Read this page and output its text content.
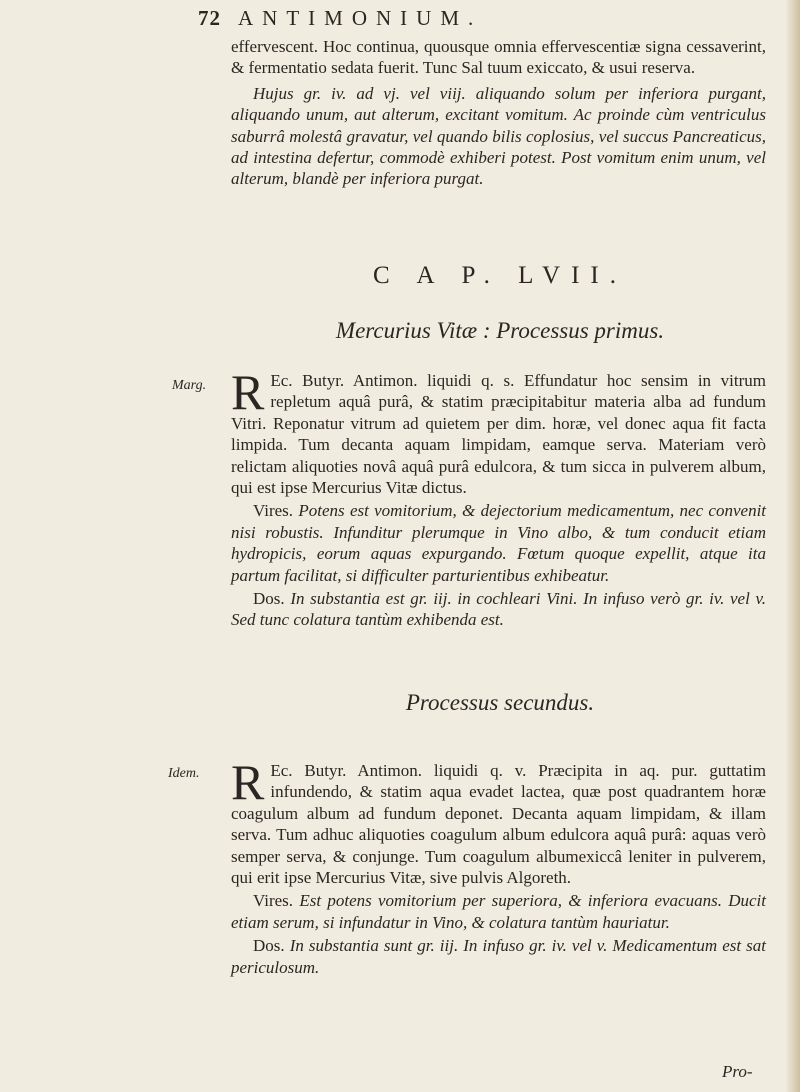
72 ANTIMONIUM.

effervescent. Hoc continua, quousque omnia effervescentiæ signa cessaverint, & fermentatio sedata fuerit. Tunc Sal tuum exiccato, & usui reserva.

Hujus gr. iv. ad vj. vel viij. aliquando solum per inferiora purgant, aliquando unum, aut alterum, excitant vomitum. Ac proinde cùm ventriculus saburrâ molestâ gravatur, vel quando bilis coplosius, vel succus Pancreaticus, ad intestina defertur, commodè exhiberi potest. Post vomitum enim unum, vel alterum, blandè per inferiora purgat.

C A P. LVII.
Mercurius Vitæ : Processus primus.
Marg. R Ec. Butyr. Antimon. liquidi q. s. Effundatur hoc sensim in vitrum repletum aquâ purâ, & statim præcipitabitur materia alba ad fundum Vitri. Reponatur vitrum ad quietem per dim. horæ, vel donec aqua fit facta limpida. Tum decanta aquam limpidam, eamque serva. Materiam verò relictam aliquoties novâ aquâ purâ edulcora, & tum sicca in pulverem album, qui est ipse Mercurius Vitæ dictus.

Vires. Potens est vomitorium, & dejectorium medicamentum, nec convenit nisi robustis. Infunditur plerumque in Vino albo, & tum conducit etiam hydropicis, eorum aquas expurgando. Fœtum quoque expellit, atque ita partum facilitat, si difficulter parturientibus exhibeatur.

Dos. In substantia est gr. iij. in cochleari Vini. In infuso verò gr. iv. vel v. Sed tunc colatura tantùm exhibenda est.

Processus secundus.
Idem. R Ec. Butyr. Antimon. liquidi q. v. Præcipita in aq. pur. guttatim infundendo, & statim aqua evadet lactea, quæ post quadrantem horæ coagulum album ad fundum deponet. Decanta aquam limpidam, & illam serva. Tum adhuc aliquoties coagulum album edulcora aquâ purâ: aquas verò semper serva, & conjunge. Tum coagulum albumexiccâ leniter in pulverem, qui erit ipse Mercurius Vitæ, sive pulvis Algoreth.

Vires. Est potens vomitorium per superiora, & inferiora evacuans. Ducit etiam serum, si infundatur in Vino, & colatura tantùm hauriatur.

Dos. In substantia sunt gr. iij. In infuso gr. iv. vel v. Medicamentum est sat periculosum.

Pro-
